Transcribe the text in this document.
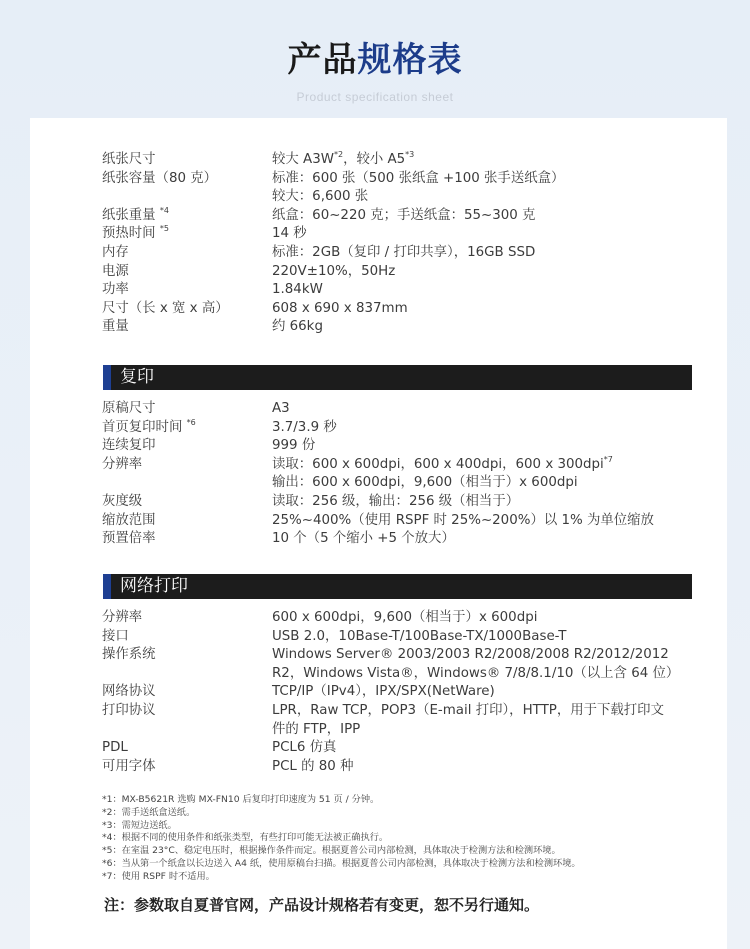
产品规格表
Product specification sheet
纸张尺寸	较大 $A3W^{*2}$，较小 A5$^{*3}$
纸张容量（80 克）	标准：600 张（500 张纸盒 +100 张手送纸盒）
较大：6,600 张
纸张重量 $^{*4}$	纸盒：60~220 克；手送纸盒：55~300 克
预热时间 $^{*5}$	14 秒
内存	标准：2GB（复印 / 打印共享），16GB SSD
电源	220V±10%，50Hz
功率	1.84kW
尺寸（长 x 宽 x 高）	608 x 690 x 837mm
重量	约 66kg
复印
原稿尺寸	A3
首页复印时间 $^{*6}$	3.7/3.9 秒
连续复印	999 份
分辨率	读取：600 x 600dpi，600 x 400dpi，600 x 300dpi$^{*7}$
输出：600 x 600dpi，9,600（相当于）x 600dpi
灰度级	读取：256 级，输出：256 级（相当于）
缩放范围	25%~400%（使用 RSPF 时 25%~200%）以 1% 为单位缩放
预置倍率	10 个（5 个缩小 +5 个放大）
网络打印
分辨率	600 x 600dpi，9,600（相当于）x 600dpi
接口	USB 2.0，10Base-T/100Base-TX/1000Base-T
操作系统	Windows Server® 2003/2003 R2/2008/2008 R2/2012/2012
R2，Windows Vista®，Windows® 7/8/8.1/10（以上含 64 位）
网络协议	TCP/IP（IPv4），IPX/SPX(NetWare)
打印协议	LPR，Raw TCP，POP3（E-mail 打印），HTTP，用于下载打印文
件的 FTP，IPP
PDL	PCL6 仿真
可用字体	PCL 的 80 种
*1：MX-B5621R 选购 MX-FN10 后复印打印速度为 51 页 / 分钟。
*2：需手送纸盒送纸。
*3：需短边送纸。
*4：根据不同的使用条件和纸张类型，有些打印可能无法被正确执行。
*5：在室温 23°C、稳定电压时，根据操作条件而定。根据夏普公司内部检测，具体取决于检测方法和检测环境。
*6：当从第一个纸盒以长边送入 A4 纸，使用原稿台扫描。根据夏普公司内部检测，具体取决于检测方法和检测环境。
*7：使用 RSPF 时不适用。
注：参数取自夏普官网，产品设计规格若有变更，恕不另行通知。
